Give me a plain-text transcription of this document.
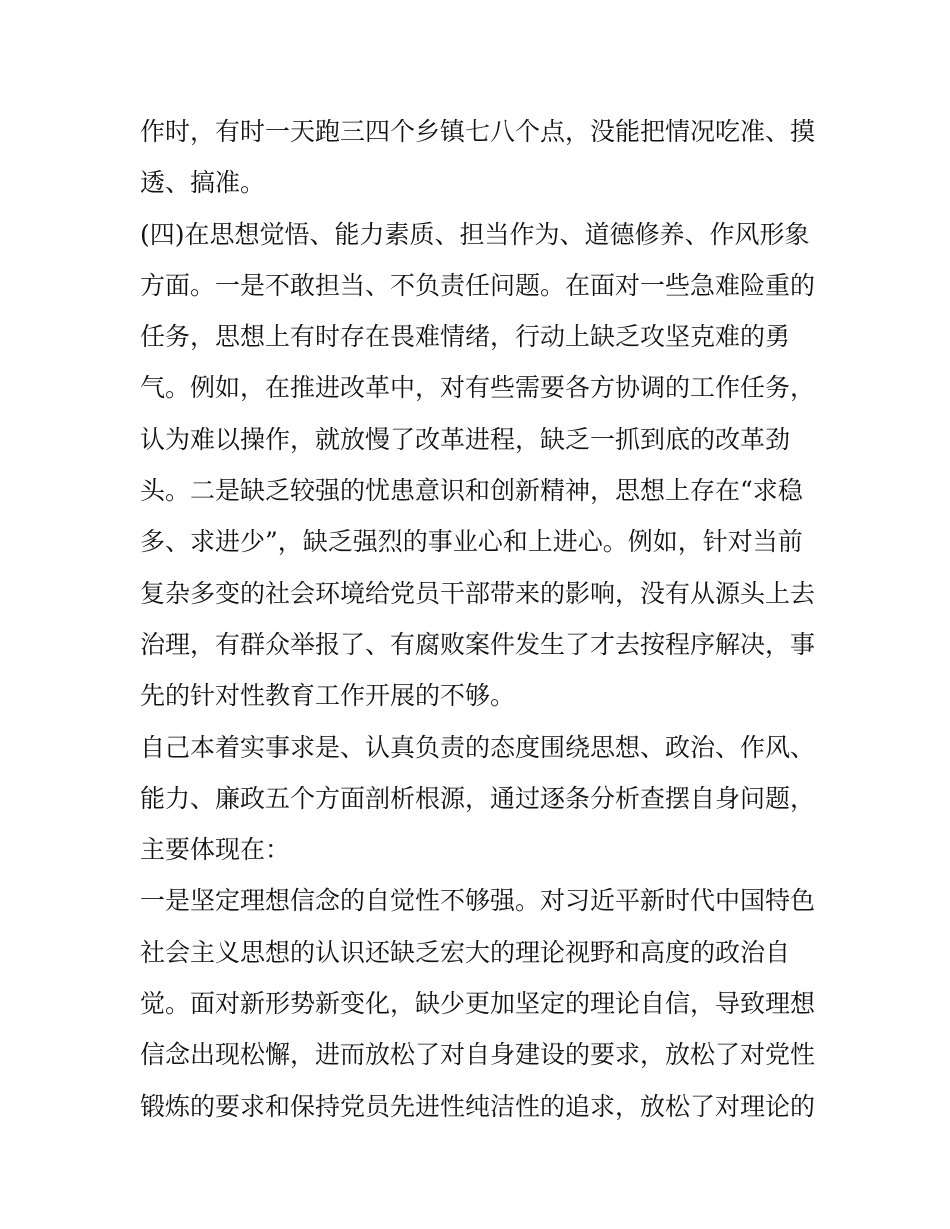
作时，有时一天跑三四个乡镇七八个点，没能把情况吃准、摸
透、搞准。
(四)在思想觉悟、能力素质、担当作为、道德修养、作风形象
方面。一是不敢担当、不负责任问题。在面对一些急难险重的
任务，思想上有时存在畏难情绪，行动上缺乏攻坚克难的勇
气。例如，在推进改革中，对有些需要各方协调的工作任务，
认为难以操作，就放慢了改革进程，缺乏一抓到底的改革劲
头。二是缺乏较强的忧患意识和创新精神，思想上存在“求稳
多、求进少”，缺乏强烈的事业心和上进心。例如，针对当前
复杂多变的社会环境给党员干部带来的影响，没有从源头上去
治理，有群众举报了、有腐败案件发生了才去按程序解决，事
先的针对性教育工作开展的不够。
自己本着实事求是、认真负责的态度围绕思想、政治、作风、
能力、廉政五个方面剖析根源，通过逐条分析查摆自身问题，
主要体现在：
一是坚定理想信念的自觉性不够强。对习近平新时代中国特色
社会主义思想的认识还缺乏宏大的理论视野和高度的政治自
觉。面对新形势新变化，缺少更加坚定的理论自信，导致理想
信念出现松懈，进而放松了对自身建设的要求，放松了对党性
锻炼的要求和保持党员先进性纯洁性的追求，放松了对理论的
